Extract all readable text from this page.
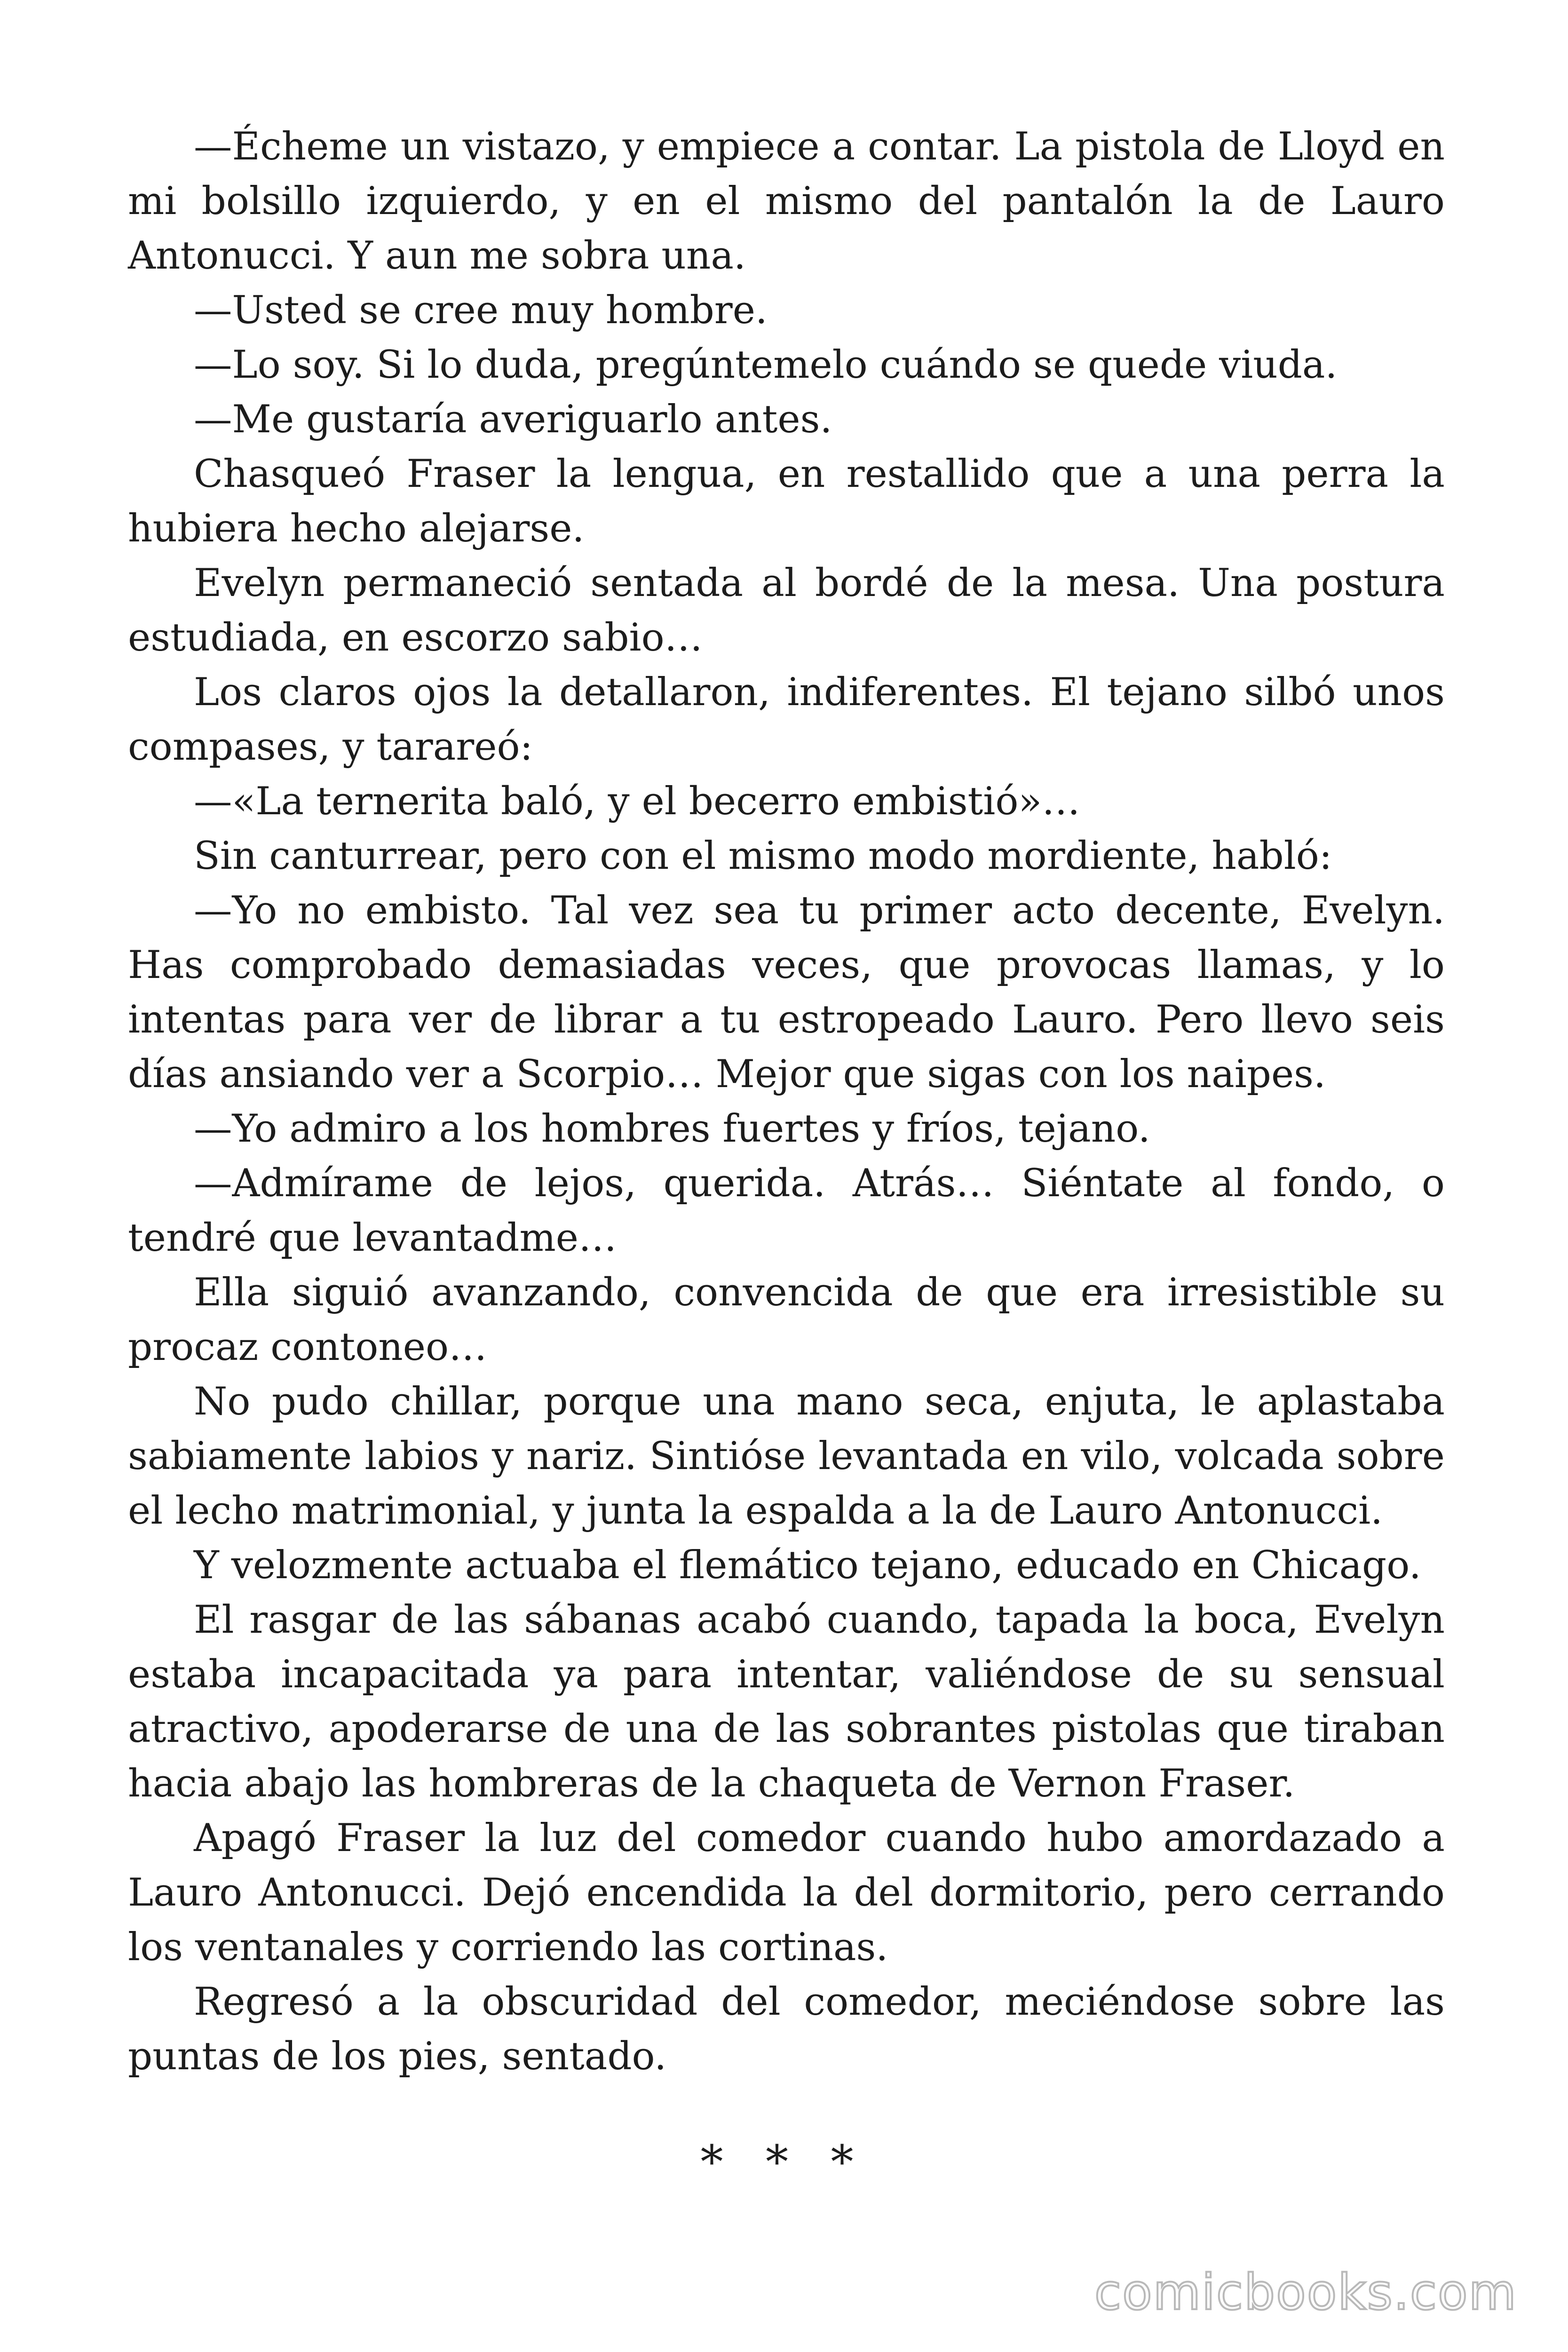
—Écheme un vistazo, y empiece a contar. La pistola de Lloyd en mi bolsillo izquierdo, y en el mismo del pantalón la de Lauro Antonucci. Y aun me sobra una.

—Usted se cree muy hombre.

—Lo soy. Si lo duda, pregúntemelo cuándo se quede viuda.

—Me gustaría averiguarlo antes.

Chasqueó Fraser la lengua, en restallido que a una perra la hubiera hecho alejarse.

Evelyn permaneció sentada al bordé de la mesa. Una postura estudiada, en escorzo sabio…

Los claros ojos la detallaron, indiferentes. El tejano silbó unos compases, y tarareó:

—«La ternerita baló, y el becerro embistió»…

Sin canturrear, pero con el mismo modo mordiente, habló:

—Yo no embisto. Tal vez sea tu primer acto decente, Evelyn. Has comprobado demasiadas veces, que provocas llamas, y lo intentas para ver de librar a tu estropeado Lauro. Pero llevo seis días ansiando ver a Scorpio… Mejor que sigas con los naipes.

—Yo admiro a los hombres fuertes y fríos, tejano.

—Admírame de lejos, querida. Atrás… Siéntate al fondo, o tendré que levantadme…

Ella siguió avanzando, convencida de que era irresistible su procaz contoneo…

No pudo chillar, porque una mano seca, enjuta, le aplastaba sabiamente labios y nariz. Sintióse levantada en vilo, volcada sobre el lecho matrimonial, y junta la espalda a la de Lauro Antonucci.

Y velozmente actuaba el flemático tejano, educado en Chicago.

El rasgar de las sábanas acabó cuando, tapada la boca, Evelyn estaba incapacitada ya para intentar, valiéndose de su sensual atractivo, apoderarse de una de las sobrantes pistolas que tiraban hacia abajo las hombreras de la chaqueta de Vernon Fraser.

Apagó Fraser la luz del comedor cuando hubo amordazado a Lauro Antonucci. Dejó encendida la del dormitorio, pero cerrando los ventanales y corriendo las cortinas.

Regresó a la obscuridad del comedor, meciéndose sobre las puntas de los pies, sentado.

* * *
comicbooks.com
